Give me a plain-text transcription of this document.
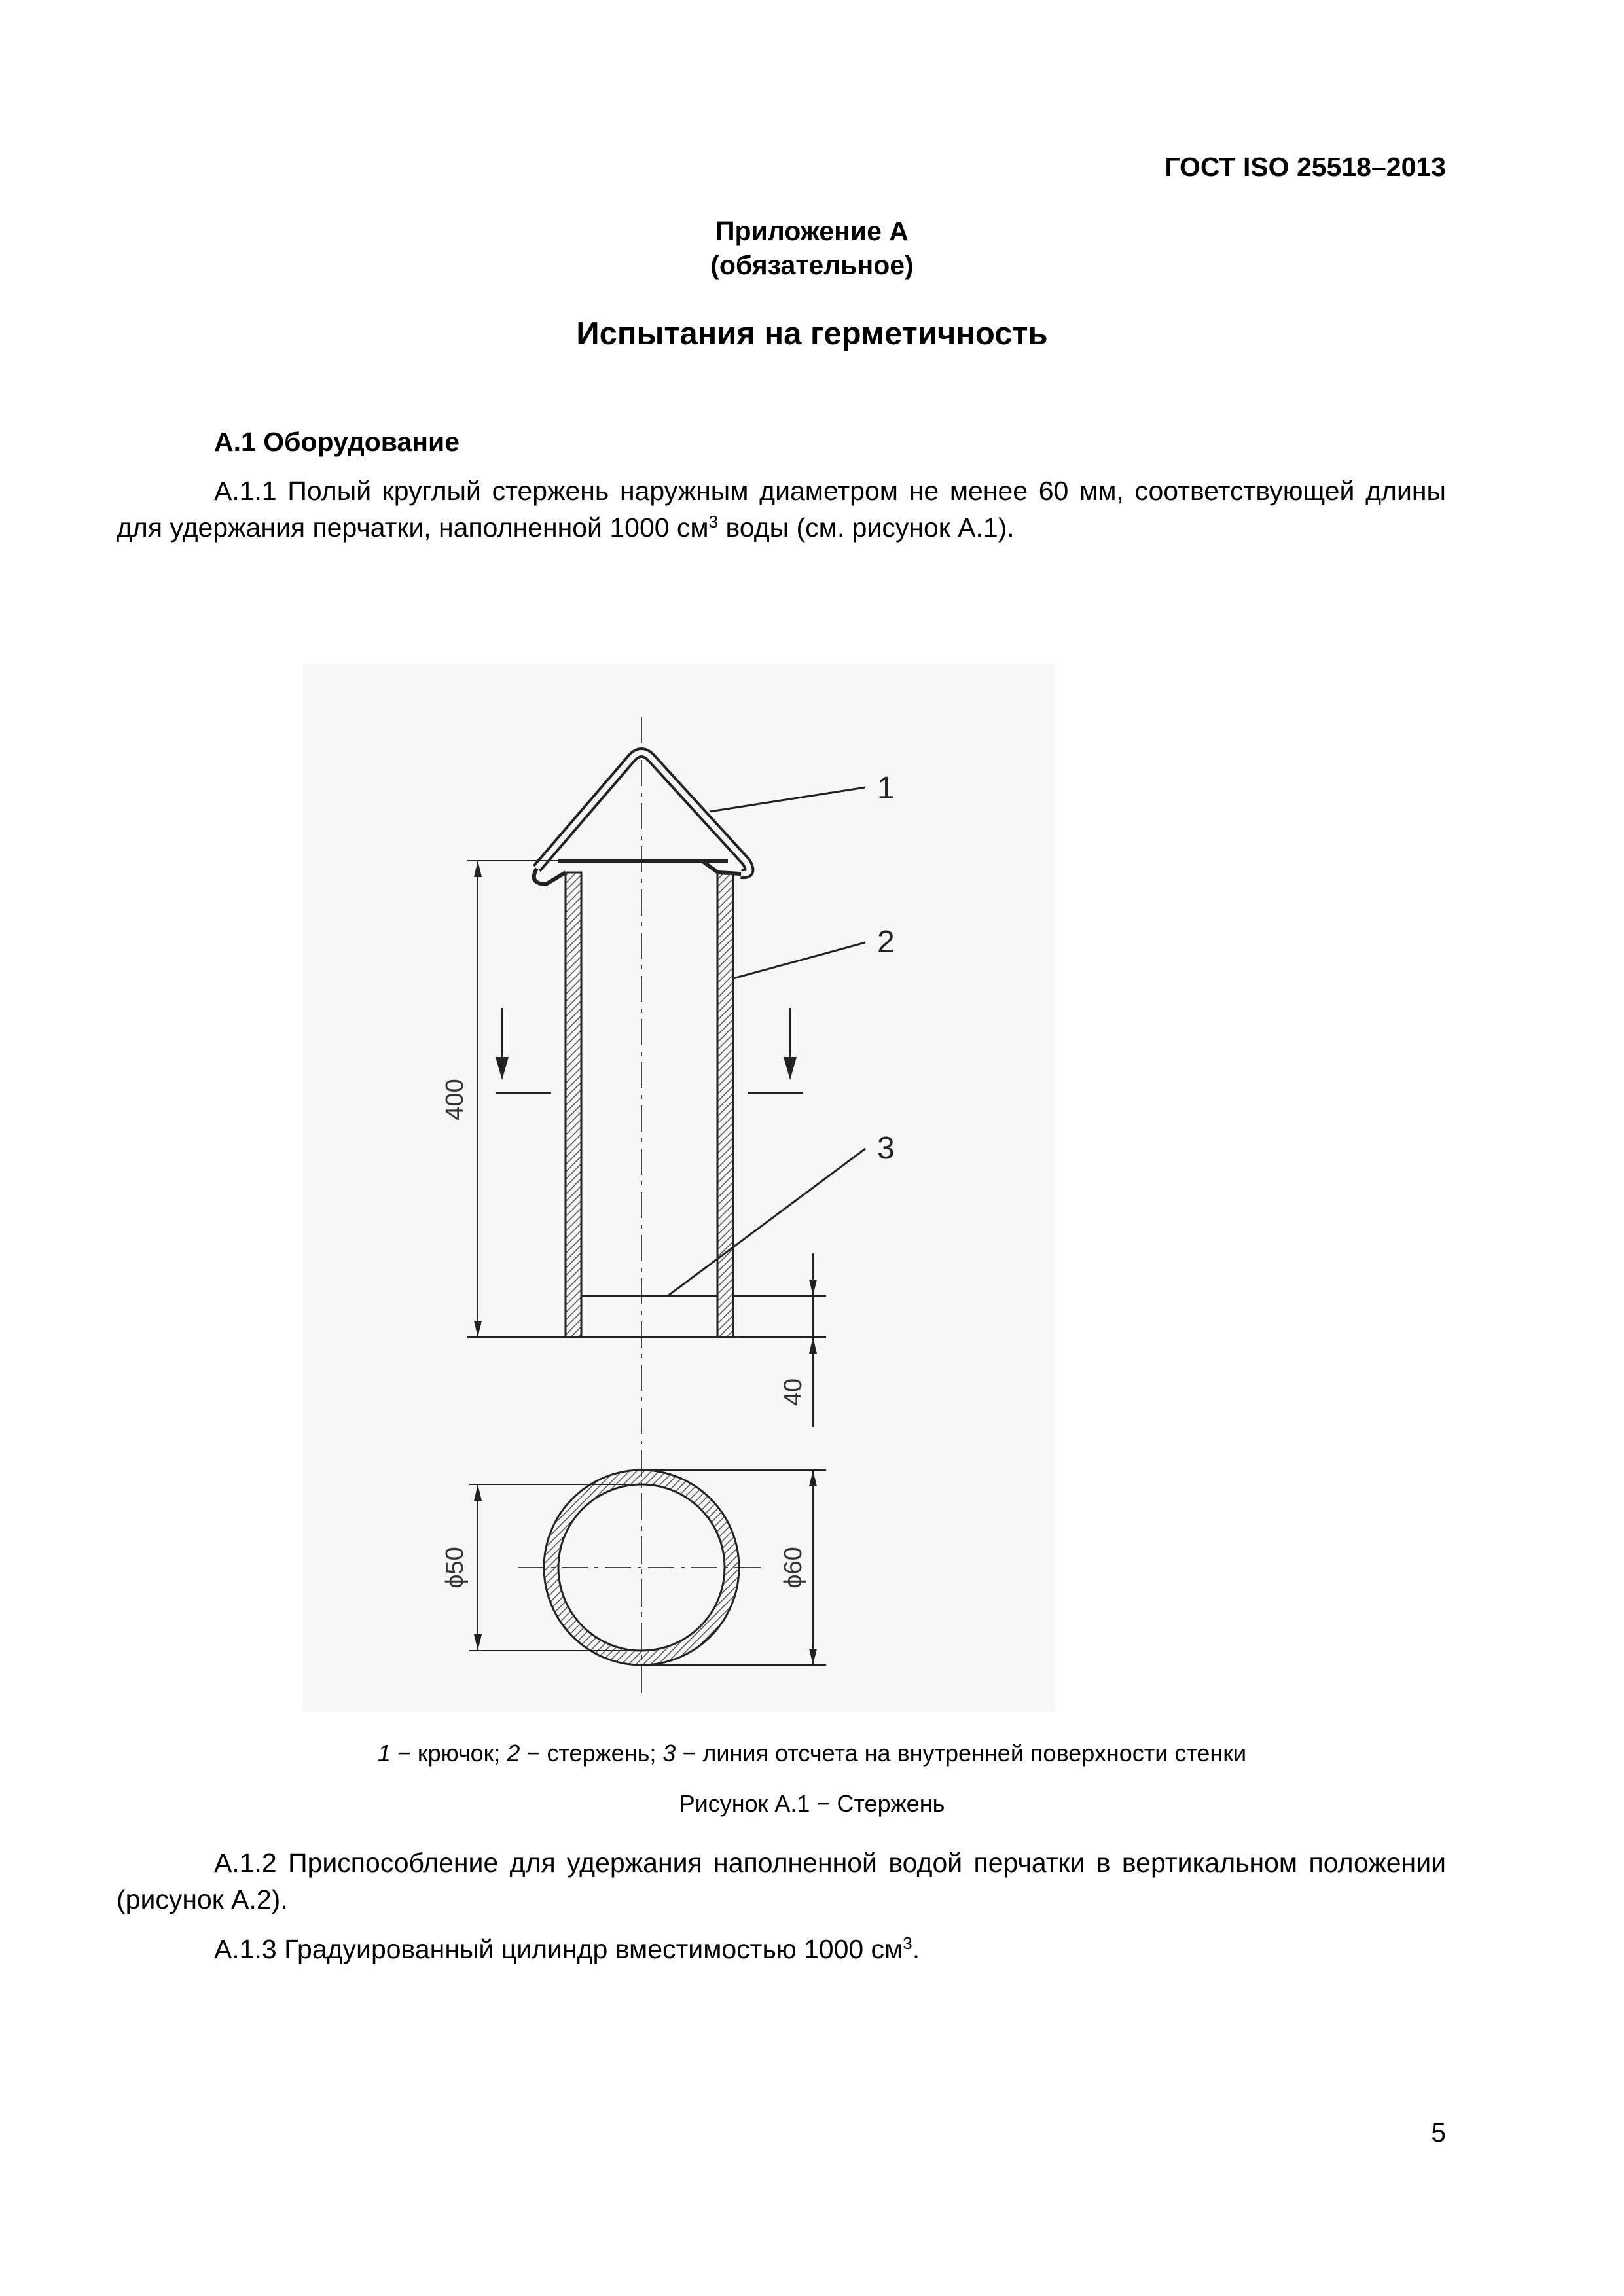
ГОСТ ISO 25518–2013
Приложение А
(обязательное)
Испытания на герметичность
А.1 Оборудование
А.1.1 Полый круглый стержень наружным диаметром не менее 60 мм, соответствующей длины для удержания перчатки, наполненной 1000 $см^3$ воды (см. рисунок А.1).
400
40
ϕ50	ϕ60
1
2
3
1 − крючок; 2 − стержень; 3 − линия отсчета на внутренней поверхности стенки
Рисунок А.1 − Стержень
А.1.2 Приспособление для удержания наполненной водой перчатки в вертикальном положении (рисунок А.2).
А.1.3 Градуированный цилиндр вместимостью 1000 $см^3$.
5
